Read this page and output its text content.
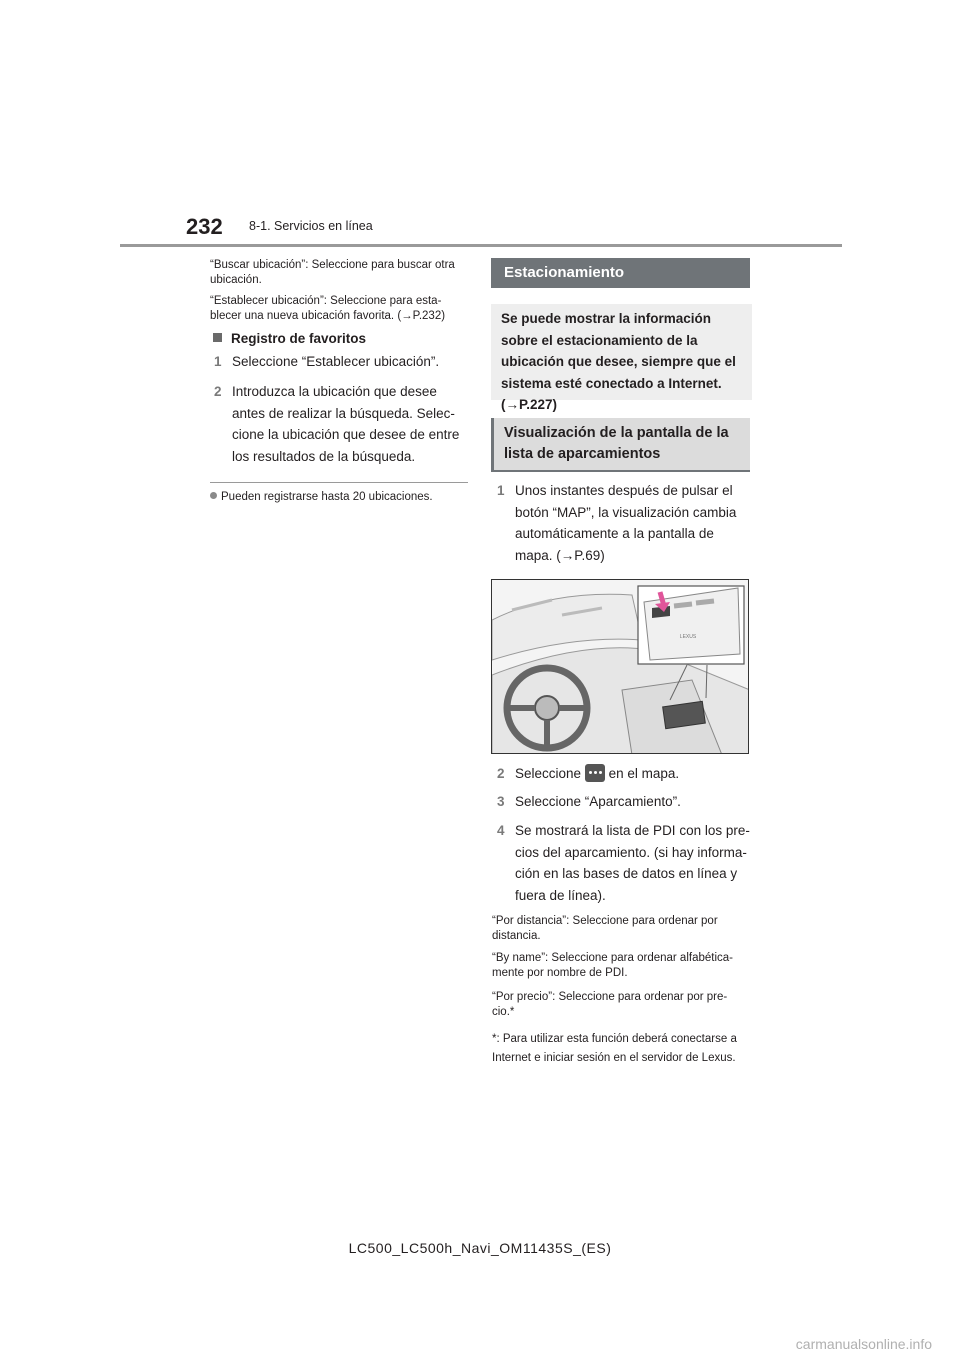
232 8-1. Servicios en línea
“Buscar ubicación”: Seleccione para buscar otra ubicación.
“Establecer ubicación”: Seleccione para esta-blecer una nueva ubicación favorita. (→P.232)
Registro de favoritos
1 Seleccione “Establecer ubicación”.
2 Introduzca la ubicación que desee antes de realizar la búsqueda. Selec-cione la ubicación que desee de entre los resultados de la búsqueda.
Pueden registrarse hasta 20 ubicaciones.
Estacionamiento
Se puede mostrar la información sobre el estacionamiento de la ubicación que desee, siempre que el sistema esté conectado a Internet. (→P.227)
Visualización de la pantalla de la lista de aparcamientos
1 Unos instantes después de pulsar el botón “MAP”, la visualización cambia automáticamente a la pantalla de mapa. (→P.69)
LEXUS
2 Seleccione en el mapa.
3 Seleccione “Aparcamiento”.
4 Se mostrará la lista de PDI con los pre-cios del aparcamiento. (si hay informa-ción en las bases de datos en línea y fuera de línea).
“Por distancia”: Seleccione para ordenar por distancia.
“By name”: Seleccione para ordenar alfabética-mente por nombre de PDI.
“Por precio”: Seleccione para ordenar por pre-cio.*
*: Para utilizar esta función deberá conectarse a Internet e iniciar sesión en el servidor de Lexus.
LC500_LC500h_Navi_OM11435S_(ES)
carmanualsonline.info
